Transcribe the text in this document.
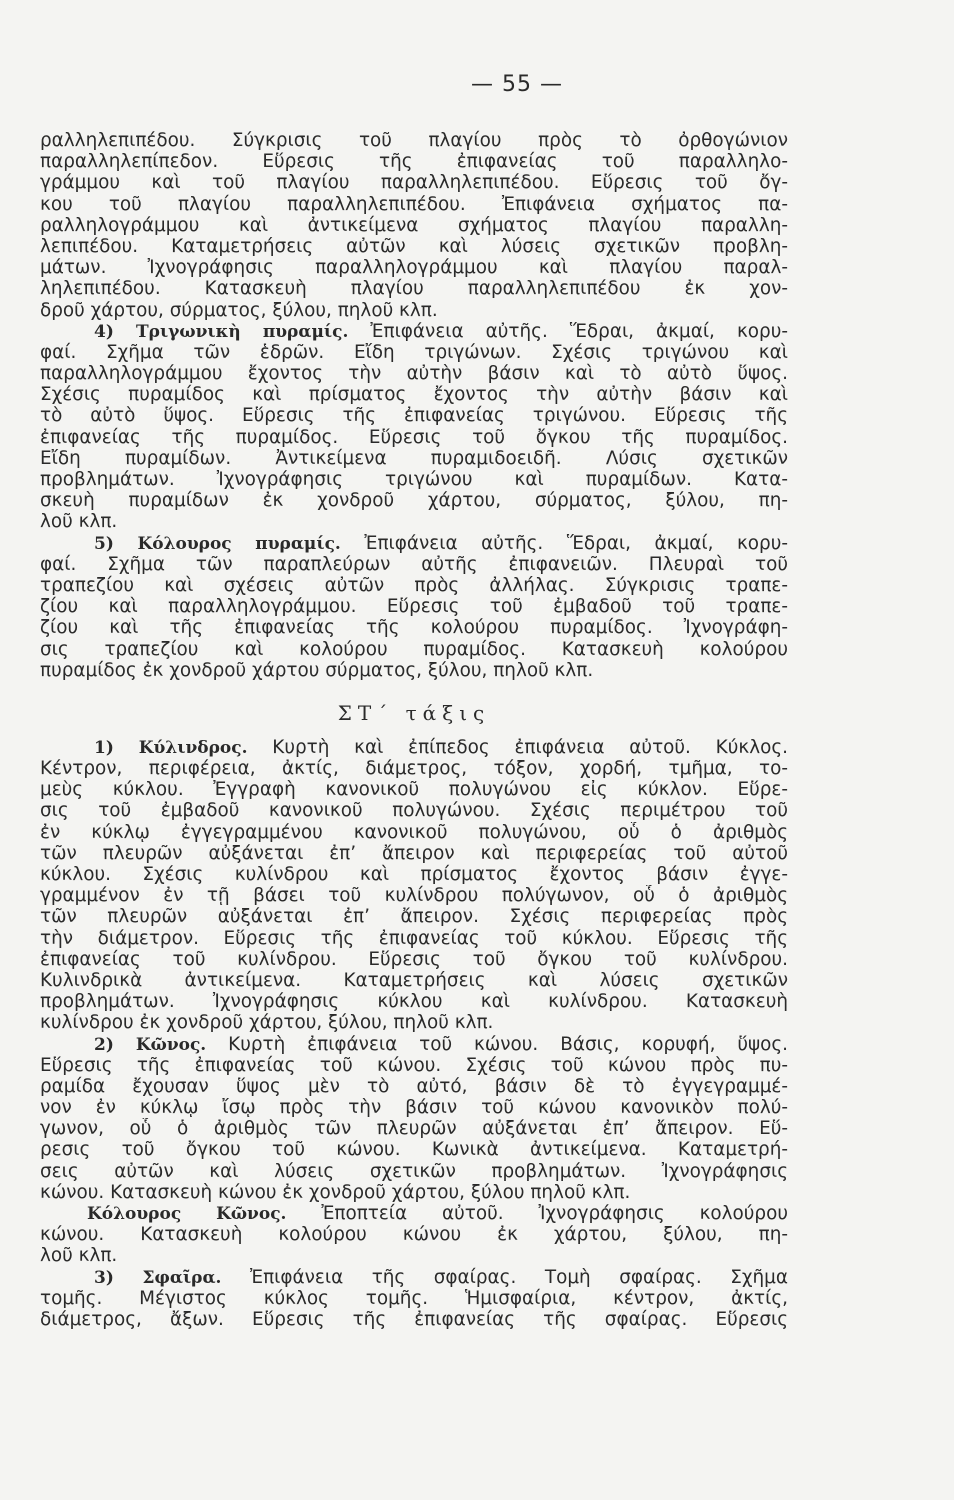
— 55 —
ραλληλεπιπέδου. Σύγκρισις τοῦ πλαγίου πρὸς τὸ ὀρθογώνιον
παραλληλεπίπεδον. Εὕρεσις τῆς ἐπιφανείας τοῦ παραλληλο-
γράμμου καὶ τοῦ πλαγίου παραλληλεπιπέδου. Εὕρεσις τοῦ ὄγ-
κου τοῦ πλαγίου παραλληλεπιπέδου. Ἐπιφάνεια σχήματος πα-
ραλληλογράμμου καὶ ἀντικείμενα σχήματος πλαγίου παραλλη-
λεπιπέδου. Καταμετρήσεις αὐτῶν καὶ λύσεις σχετικῶν προβλη-
μάτων. Ἰχνογράφησις παραλληλογράμμου καὶ πλαγίου παραλ-
ληλεπιπέδου. Κατασκευὴ πλαγίου παραλληλεπιπέδου ἐκ χον-
δροῦ χάρτου, σύρματος, ξύλου, πηλοῦ κλπ.
4) Τριγωνικὴ πυραμίς. Ἐπιφάνεια αὐτῆς. Ἕδραι, ἀκμαί, κορυ-
φαί. Σχῆμα τῶν ἑδρῶν. Εἴδη τριγώνων. Σχέσις τριγώνου καὶ
παραλληλογράμμου ἔχοντος τὴν αὐτὴν βάσιν καὶ τὸ αὐτὸ ὕψος.
Σχέσις πυραμίδος καὶ πρίσματος ἔχοντος τὴν αὐτὴν βάσιν καὶ
τὸ αὐτὸ ὕψος. Εὕρεσις τῆς ἐπιφανείας τριγώνου. Εὕρεσις τῆς
ἐπιφανείας τῆς πυραμίδος. Εὕρεσις τοῦ ὄγκου τῆς πυραμίδος.
Εἴδη πυραμίδων. Ἀντικείμενα πυραμιδοειδῆ. Λύσις σχετικῶν
προβλημάτων. Ἰχνογράφησις τριγώνου καὶ πυραμίδων. Κατα-
σκευὴ πυραμίδων ἐκ χονδροῦ χάρτου, σύρματος, ξύλου, πη-
λοῦ κλπ.
5) Κόλουρος πυραμίς. Ἐπιφάνεια αὐτῆς. Ἕδραι, ἀκμαί, κορυ-
φαί. Σχῆμα τῶν παραπλεύρων αὐτῆς ἐπιφανειῶν. Πλευραὶ τοῦ
τραπεζίου καὶ σχέσεις αὐτῶν πρὸς ἀλλήλας. Σύγκρισις τραπε-
ζίου καὶ παραλληλογράμμου. Εὕρεσις τοῦ ἐμβαδοῦ τοῦ τραπε-
ζίου καὶ τῆς ἐπιφανείας τῆς κολούρου πυραμίδος. Ἰχνογράφη-
σις τραπεζίου καὶ κολούρου πυραμίδος. Κατασκευὴ κολούρου
πυραμίδος ἐκ χονδροῦ χάρτου σύρματος, ξύλου, πηλοῦ κλπ.
ΣΤ΄ τάξις
1) Κύλινδρος. Κυρτὴ καὶ ἐπίπεδος ἐπιφάνεια αὐτοῦ. Κύκλος.
Κέντρον, περιφέρεια, ἀκτίς, διάμετρος, τόξον, χορδή, τμῆμα, το-
μεὺς κύκλου. Ἐγγραφὴ κανονικοῦ πολυγώνου εἰς κύκλον. Εὕρε-
σις τοῦ ἐμβαδοῦ κανονικοῦ πολυγώνου. Σχέσις περιμέτρου τοῦ
ἐν κύκλῳ ἐγγεγραμμένου κανονικοῦ πολυγώνου, οὗ ὁ ἀριθμὸς
τῶν πλευρῶν αὐξάνεται ἐπ’ ἄπειρον καὶ περιφερείας τοῦ αὐτοῦ
κύκλου. Σχέσις κυλίνδρου καὶ πρίσματος ἔχοντος βάσιν ἐγγε-
γραμμένον ἐν τῇ βάσει τοῦ κυλίνδρου πολύγωνον, οὗ ὁ ἀριθμὸς
τῶν πλευρῶν αὐξάνεται ἐπ’ ἄπειρον. Σχέσις περιφερείας πρὸς
τὴν διάμετρον. Εὕρεσις τῆς ἐπιφανείας τοῦ κύκλου. Εὕρεσις τῆς
ἐπιφανείας τοῦ κυλίνδρου. Εὕρεσις τοῦ ὄγκου τοῦ κυλίνδρου.
Κυλινδρικὰ ἀντικείμενα. Καταμετρήσεις καὶ λύσεις σχετικῶν
προβλημάτων. Ἰχνογράφησις κύκλου καὶ κυλίνδρου. Κατασκευὴ
κυλίνδρου ἐκ χονδροῦ χάρτου, ξύλου, πηλοῦ κλπ.
2) Κῶνος. Κυρτὴ ἐπιφάνεια τοῦ κώνου. Βάσις, κορυφή, ὕψος.
Εὕρεσις τῆς ἐπιφανείας τοῦ κώνου. Σχέσις τοῦ κώνου πρὸς πυ-
ραμίδα ἔχουσαν ὕψος μὲν τὸ αὐτό, βάσιν δὲ τὸ ἐγγεγραμμέ-
νον ἐν κύκλῳ ἴσῳ πρὸς τὴν βάσιν τοῦ κώνου κανονικὸν πολύ-
γωνον, οὗ ὁ ἀριθμὸς τῶν πλευρῶν αὐξάνεται ἐπ’ ἄπειρον. Εὕ-
ρεσις τοῦ ὄγκου τοῦ κώνου. Κωνικὰ ἀντικείμενα. Καταμετρή-
σεις αὐτῶν καὶ λύσεις σχετικῶν προβλημάτων. Ἰχνογράφησις
κώνου. Κατασκευὴ κώνου ἐκ χονδροῦ χάρτου, ξύλου πηλοῦ κλπ.
Κόλουρος Κῶνος. Ἐποπτεία αὐτοῦ. Ἰχνογράφησις κολούρου
κώνου. Κατασκευὴ κολούρου κώνου ἐκ χάρτου, ξύλου, πη-
λοῦ κλπ.
3) Σφαῖρα. Ἐπιφάνεια τῆς σφαίρας. Τομὴ σφαίρας. Σχῆμα
τομῆς. Μέγιστος κύκλος τομῆς. Ἡμισφαίρια, κέντρον, ἀκτίς,
διάμετρος, ἄξων. Εὕρεσις τῆς ἐπιφανείας τῆς σφαίρας. Εὕρεσις
